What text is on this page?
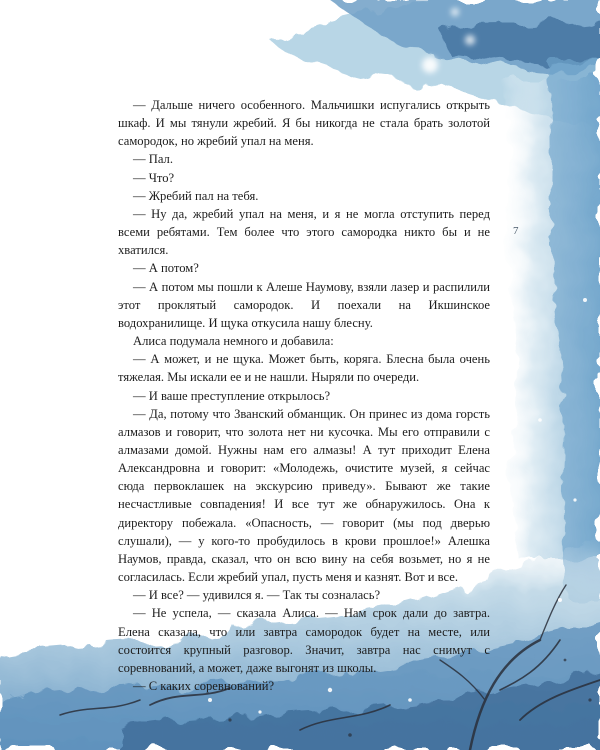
— Дальше ничего особенного. Мальчишки испугались открыть шкаф. И мы тянули жребий. Я бы никогда не стала брать золотой самородок, но жребий упал на меня.

— Пал.

— Что?

— Жребий пал на тебя.

— Ну да, жребий упал на меня, и я не могла отступить перед всеми ребятами. Тем более что этого самородка никто бы и не хватился.

— А потом?

— А потом мы пошли к Алеше Наумову, взяли лазер и распилили этот проклятый самородок. И поехали на Икшинское водохранилище. И щука откусила нашу блесну.

Алиса подумала немного и добавила:

— А может, и не щука. Может быть, коряга. Блесна была очень тяжелая. Мы искали ее и не нашли. Ныряли по очереди.

— И ваше преступление открылось?

— Да, потому что Званский обманщик. Он принес из дома горсть алмазов и говорит, что золота нет ни кусочка. Мы его отправили с алмазами домой. Нужны нам его алмазы! А тут приходит Елена Александровна и говорит: «Молодежь, очистите музей, я сейчас сюда первоклашек на экскурсию приведу». Бывают же такие несчастливые совпадения! И все тут же обнаружилось. Она к директору побежала. «Опасность, — говорит (мы под дверью слушали), — у кого-то пробудилось в крови прошлое!» Алешка Наумов, правда, сказал, что он всю вину на себя возьмет, но я не согласилась. Если жребий упал, пусть меня и казнят. Вот и все.

— И все? — удивился я. — Так ты созналась?

— Не успела, — сказала Алиса. — Нам срок дали до завтра. Елена сказала, что или завтра самородок будет на месте, или состоится крупный разговор. Значит, завтра нас снимут с соревнований, а может, даже выгонят из школы.

— С каких соревнований?

7
